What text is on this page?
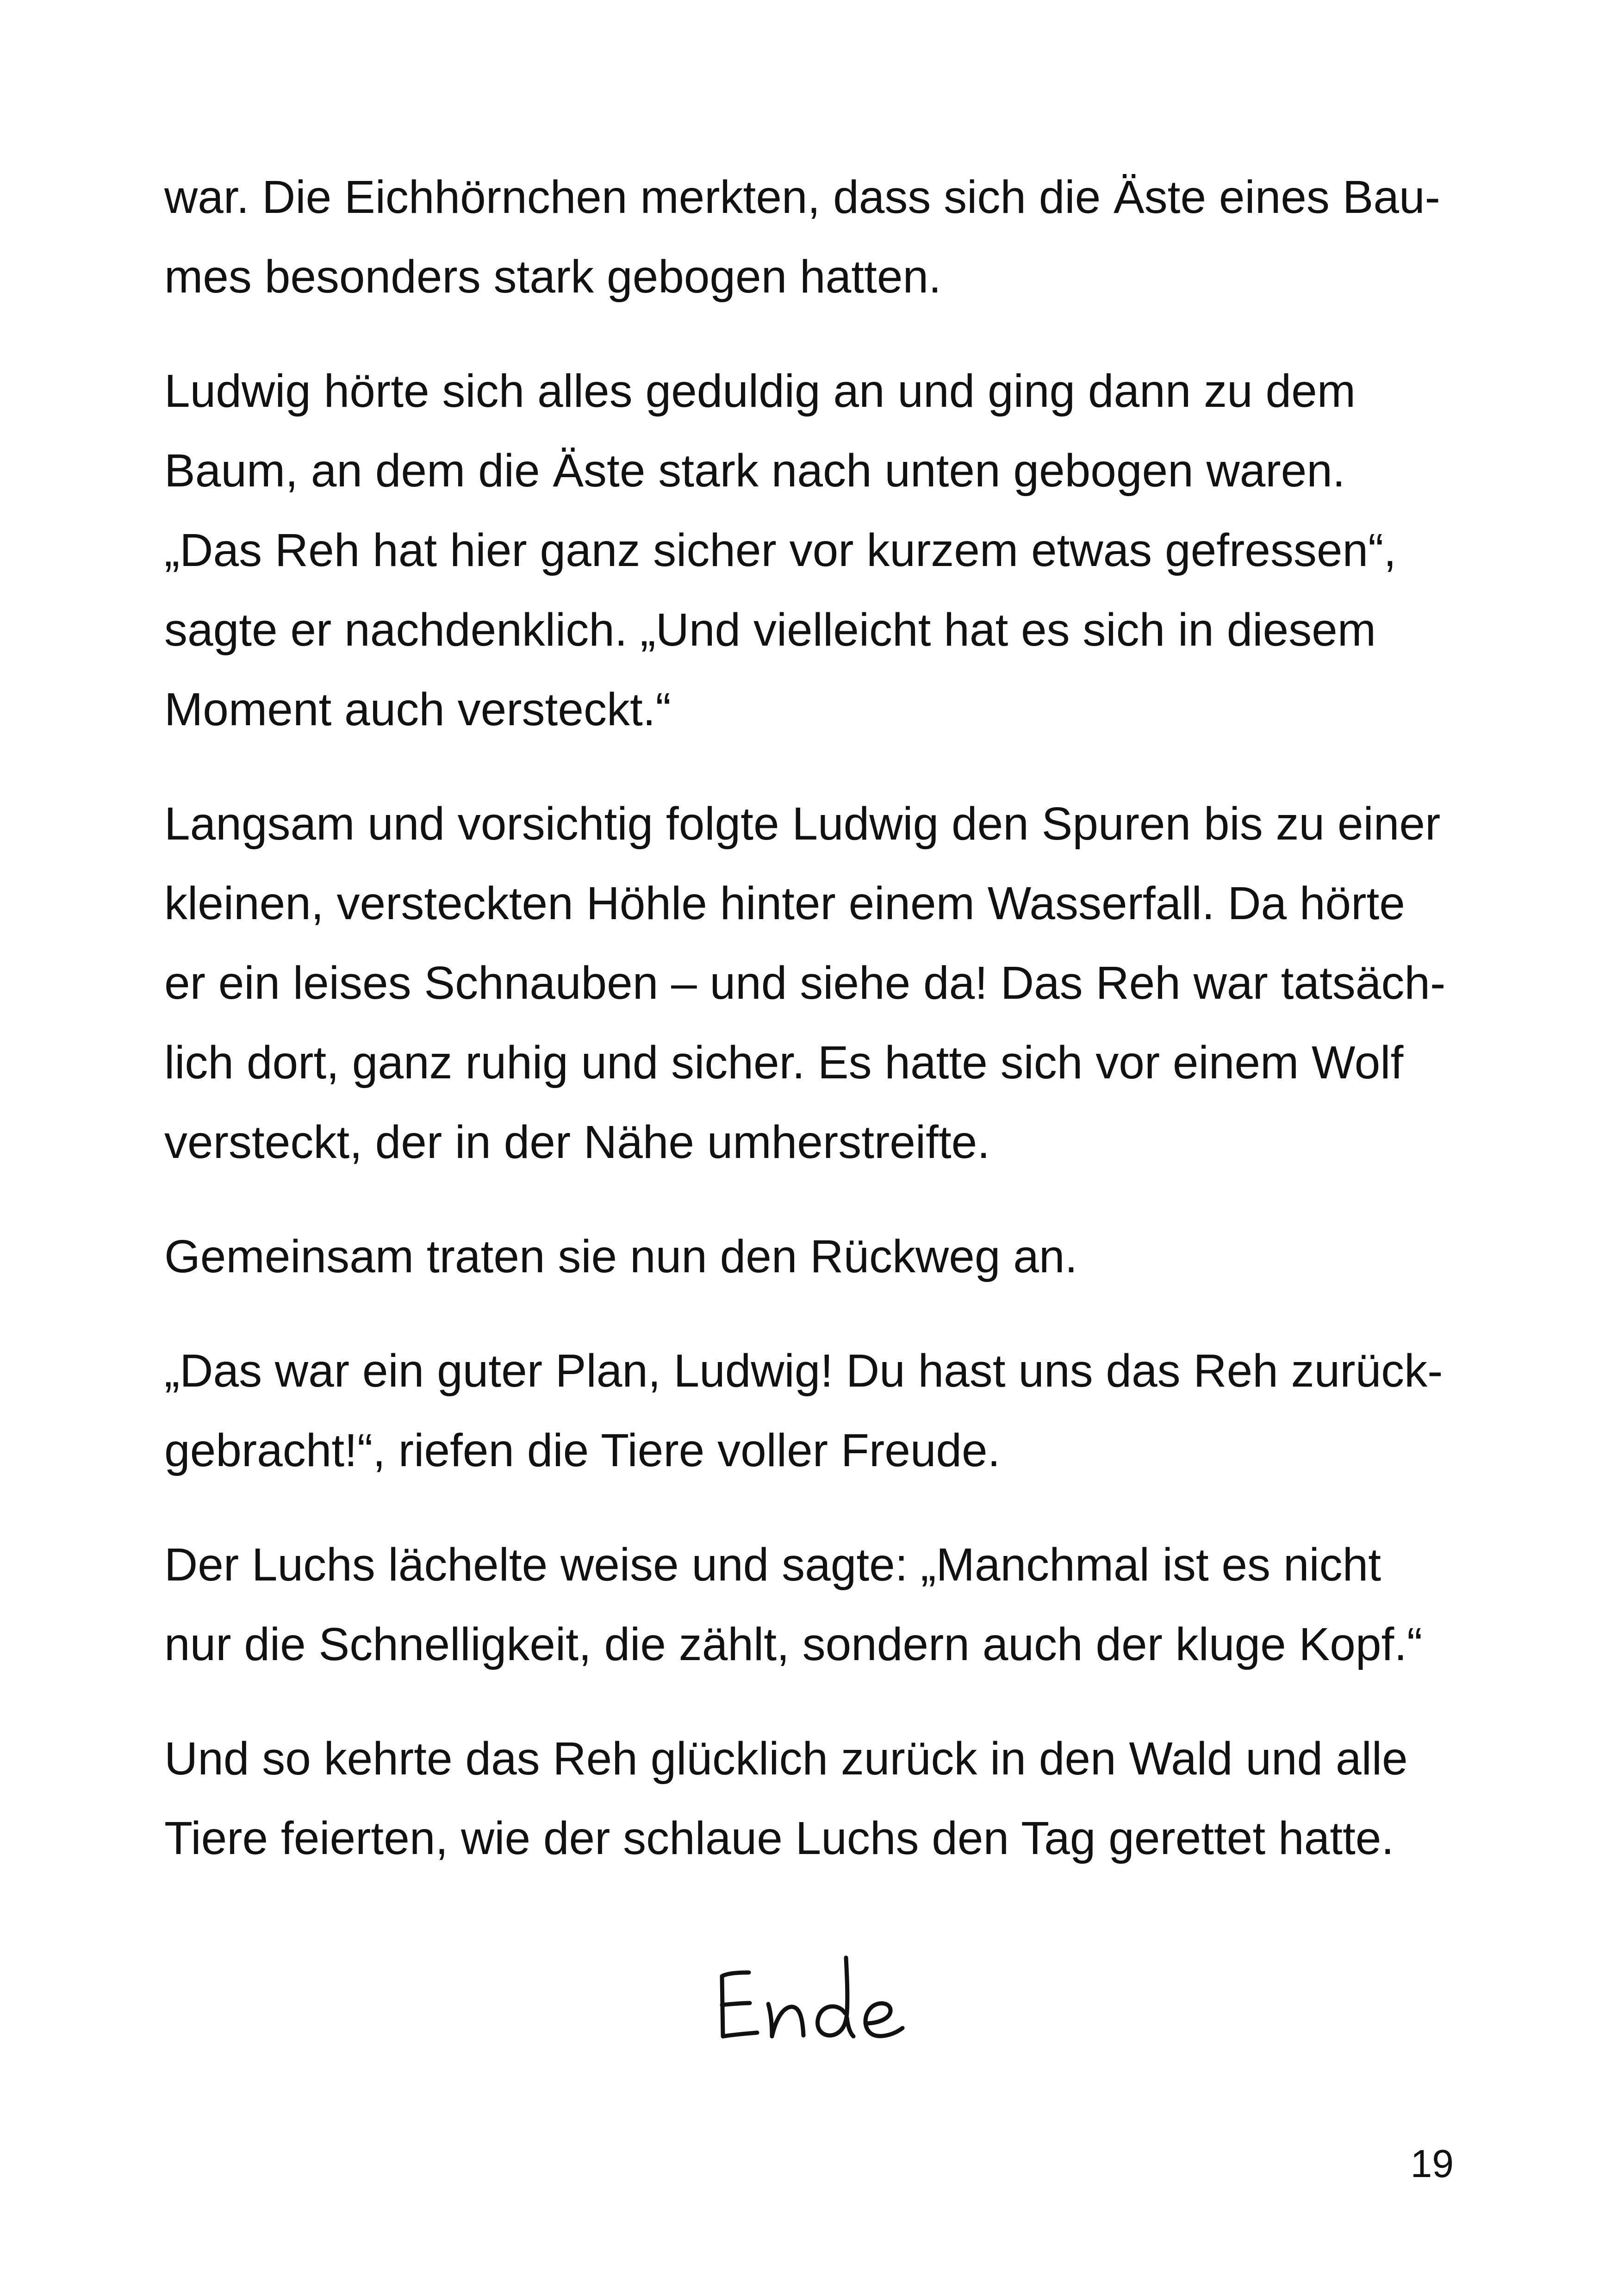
war. Die Eichhörnchen merkten, dass sich die Äste eines Bau-
mes besonders stark gebogen hatten.
Ludwig hörte sich alles geduldig an und ging dann zu dem
Baum, an dem die Äste stark nach unten gebogen waren.
„Das Reh hat hier ganz sicher vor kurzem etwas gefressen“,
sagte er nachdenklich. „Und vielleicht hat es sich in diesem
Moment auch versteckt.“
Langsam und vorsichtig folgte Ludwig den Spuren bis zu einer
kleinen, versteckten Höhle hinter einem Wasserfall. Da hörte
er ein leises Schnauben – und siehe da! Das Reh war tatsäch-
lich dort, ganz ruhig und sicher. Es hatte sich vor einem Wolf
versteckt, der in der Nähe umherstreifte.
Gemeinsam traten sie nun den Rückweg an.
„Das war ein guter Plan, Ludwig! Du hast uns das Reh zurück-
gebracht!“, riefen die Tiere voller Freude.
Der Luchs lächelte weise und sagte: „Manchmal ist es nicht
nur die Schnelligkeit, die zählt, sondern auch der kluge Kopf.“
Und so kehrte das Reh glücklich zurück in den Wald und alle
Tiere feierten, wie der schlaue Luchs den Tag gerettet hatte.
19
